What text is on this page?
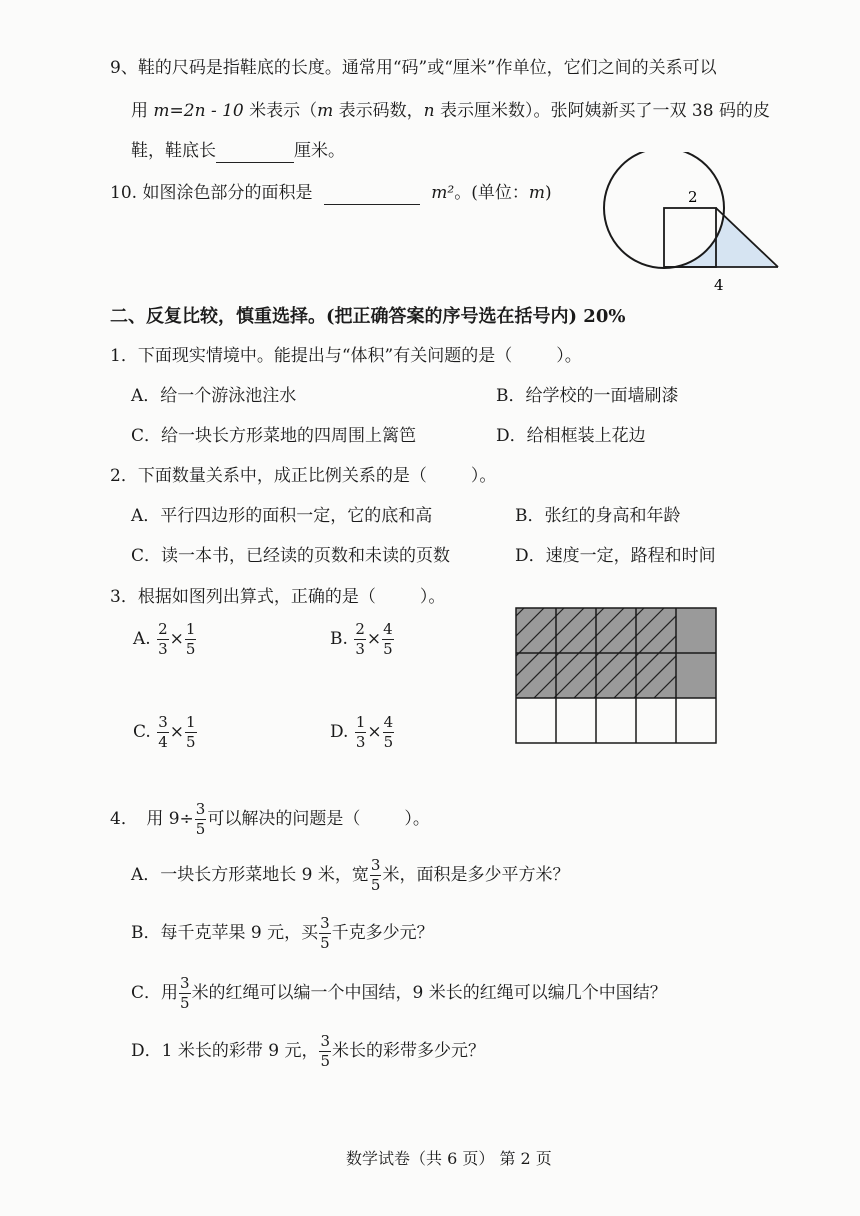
9、鞋的尺码是指鞋底的长度。通常用“码”或“厘米”作单位，它们之间的关系可以
用 m=2n - 10 米表示（m 表示码数，n 表示厘米数）。张阿姨新买了一双 38 码的皮
鞋，鞋底长	厘米。
10. 如图涂色部分的面积是	m²。(单位：m)	2
4
二、反复比较，慎重选择。(把正确答案的序号选在括号内) 20%
1．下面现实情境中。能提出与“体积”有关问题的是（	）。
A．给一个游泳池注水	B．给学校的一面墙刷漆
C．给一块长方形菜地的四周围上篱笆	D．给相框装上花边
2．下面数量关系中，成正比例关系的是（	）。
A．平行四边形的面积一定，它的底和高	B．张红的身高和年龄
C．读一本书，已经读的页数和未读的页数	D．速度一定，路程和时间
3．根据如图列出算式，正确的是（	）。
A. $\frac{2}{3} \times \frac{1}{5}$	B. $\frac{2}{3} \times \frac{4}{5}$
C. $\frac{3}{4} \times \frac{1}{5}$	D. $\frac{1}{3} \times \frac{4}{5}$
4．　用 $9\div \frac{3}{5}$ 可以解决的问题是（	）。
A．一块长方形菜地长 9 米，宽 $\frac{3}{5}$ 米，面积是多少平方米？
B．每千克苹果 9 元，买 $\frac{3}{5}$ 千克多少元？
C．用 $\frac{3}{5}$ 米的红绳可以编一个中国结，9 米长的红绳可以编几个中国结？
D．1 米长的彩带 9 元， $\frac{3}{5}$ 米长的彩带多少元？
数学试卷（共 6 页） 第 2 页
